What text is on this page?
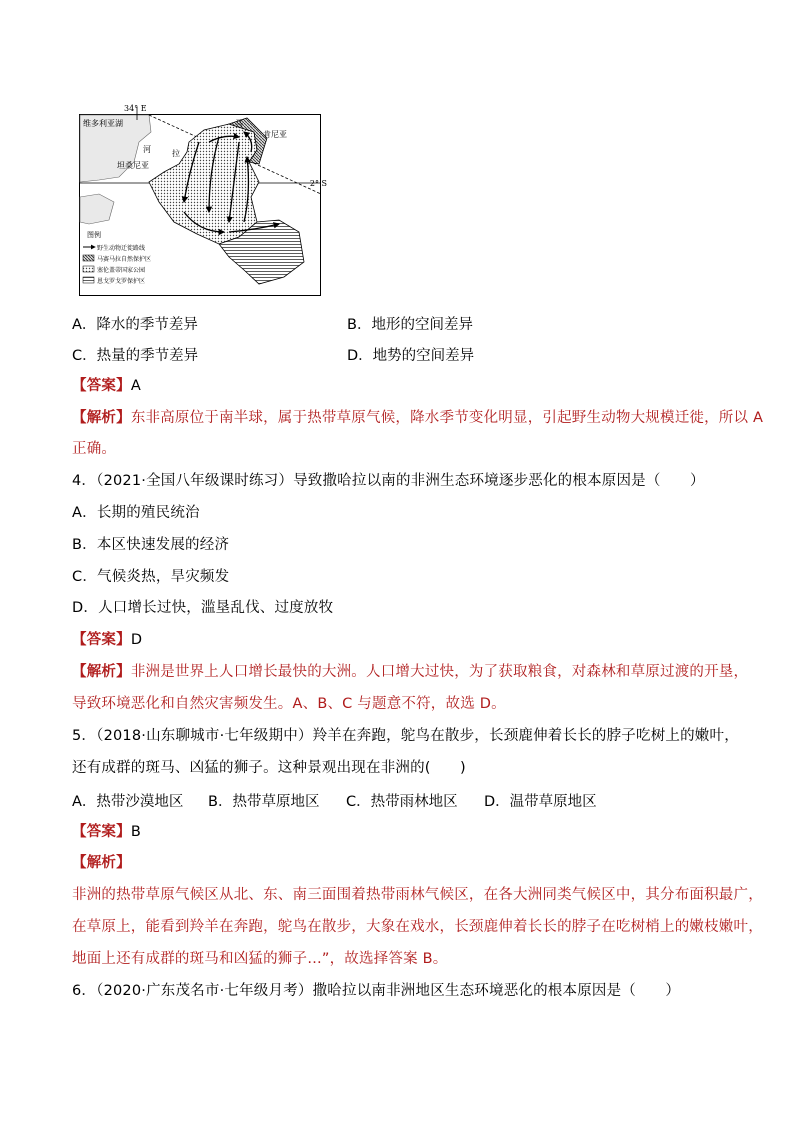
34° E
2° S
维多利亚湖
肯尼亚
马
河	拉
坦桑尼亚
图例
野生动物迁徙路线
马赛马拉自然保护区
塞伦盖蒂国家公园
恩戈罗戈罗保护区
A．降水的季节差异	B．地形的空间差异
C．热量的季节差异	D．地势的空间差异
【答案】A
【解析】东非高原位于南半球，属于热带草原气候，降水季节变化明显，引起野生动物大规模迁徙，所以 A
正确。
4．（2021·全国八年级课时练习）导致撒哈拉以南的非洲生态环境逐步恶化的根本原因是（　　）
A．长期的殖民统治
B．本区快速发展的经济
C．气候炎热，旱灾频发
D．人口增长过快，滥垦乱伐、过度放牧
【答案】D
【解析】非洲是世界上人口增长最快的大洲。人口增大过快，为了获取粮食，对森林和草原过渡的开垦，
导致环境恶化和自然灾害频发生。A、B、C 与题意不符，故选 D。
5．（2018·山东聊城市·七年级期中）羚羊在奔跑，鸵鸟在散步，长颈鹿伸着长长的脖子吃树上的嫩叶，
还有成群的斑马、凶猛的狮子。这种景观出现在非洲的(　　)
A．热带沙漠地区 B．热带草原地区 C．热带雨林地区 D．温带草原地区
【答案】B
【解析】
非洲的热带草原气候区从北、东、南三面围着热带雨林气候区，在各大洲同类气候区中，其分布面积最广，
在草原上，能看到羚羊在奔跑，鸵鸟在散步，大象在戏水，长颈鹿伸着长长的脖子在吃树梢上的嫩枝嫩叶，
地面上还有成群的斑马和凶猛的狮子…”，故选择答案 B。
6．（2020·广东茂名市·七年级月考）撒哈拉以南非洲地区生态环境恶化的根本原因是（　　）
